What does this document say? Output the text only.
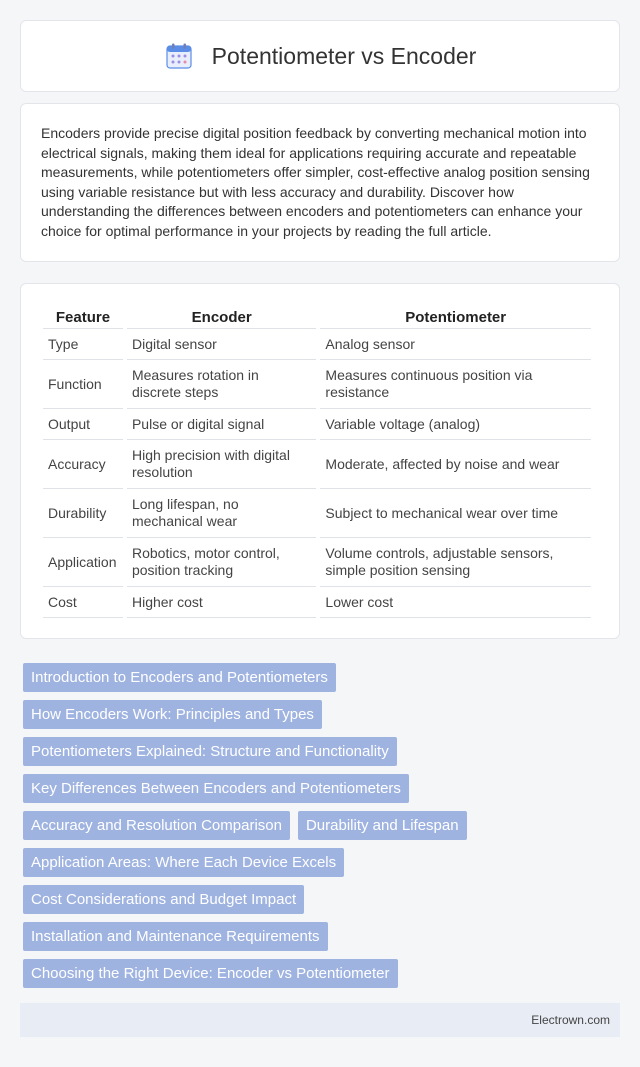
Potentiometer vs Encoder

Encoders provide precise digital position feedback by converting mechanical motion into electrical signals, making them ideal for applications requiring accurate and repeatable measurements, while potentiometers offer simpler, cost-effective analog position sensing using variable resistance but with less accuracy and durability. Discover how understanding the differences between encoders and potentiometers can enhance your choice for optimal performance in your projects by reading the full article.

Feature	Encoder	Potentiometer
Type	Digital sensor	Analog sensor
Function	Measures rotation in discrete steps	Measures continuous position via resistance
Output	Pulse or digital signal	Variable voltage (analog)
Accuracy	High precision with digital resolution	Moderate, affected by noise and wear
Durability	Long lifespan, no mechanical wear	Subject to mechanical wear over time
Application	Robotics, motor control, position tracking	Volume controls, adjustable sensors, simple position sensing
Cost	Higher cost	Lower cost
Introduction to Encoders and Potentiometers
How Encoders Work: Principles and Types
Potentiometers Explained: Structure and Functionality
Key Differences Between Encoders and Potentiometers
Accuracy and Resolution Comparison	Durability and Lifespan
Application Areas: Where Each Device Excels
Cost Considerations and Budget Impact
Installation and Maintenance Requirements
Choosing the Right Device: Encoder vs Potentiometer
Electrown.com
